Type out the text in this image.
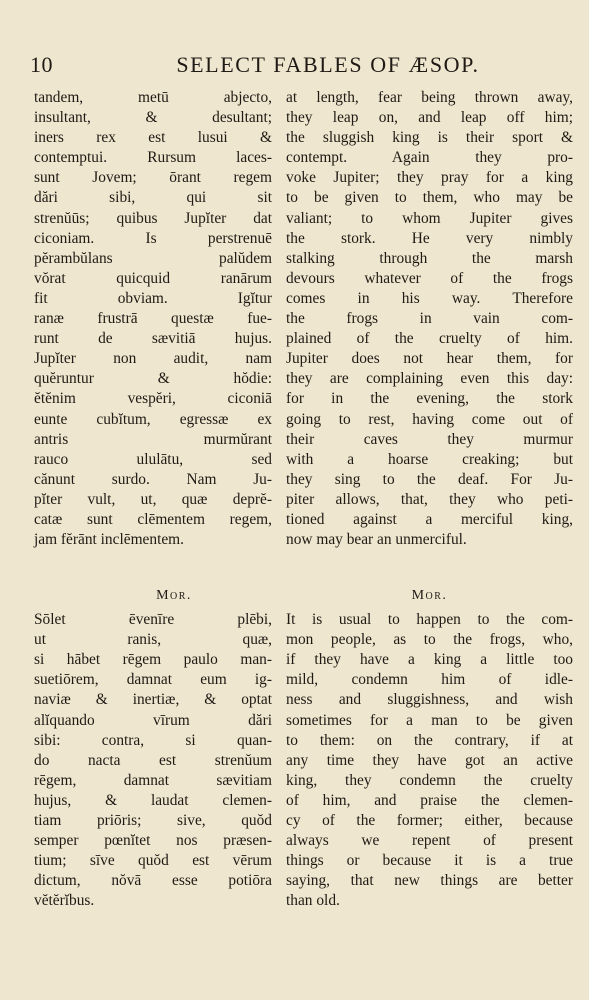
10	SELECT FABLES OF ÆSOP.
tandem, metū abjecto,
insultant, & desultant;
iners rex est lusui &
contemptui. Rursum laces-
sunt Jovem; ōrant regem
dări sibi, qui sit
strenŭūs; quibus Jupĭter dat
ciconiam. Is perstrenuē
pĕrambŭlans palŭdem
vŏrat quicquid ranārum
fit obviam. Igĭtur
ranæ frustrā questæ fue-
runt de sævitiā hujus.
Jupĭter non audit, nam
quĕruntur & hŏdie:
ĕtĕnim vespĕri, ciconiā
eunte cubĭtum, egressæ ex
antris murmŭrant
rauco ululātu, sed
cănunt surdo. Nam Ju-
pĭter vult, ut, quæ deprĕ-
catæ sunt clēmentem regem,
jam fĕrānt inclēmentem.
at length, fear being thrown away,
they leap on, and leap off him;
the sluggish king is their sport &
contempt. Again they pro-
voke Jupiter; they pray for a king
to be given to them, who may be
valiant; to whom Jupiter gives
the stork. He very nimbly
stalking through the marsh
devours whatever of the frogs
comes in his way. Therefore
the frogs in vain com-
plained of the cruelty of him.
Jupiter does not hear them, for
they are complaining even this day:
for in the evening, the stork
going to rest, having come out of
their caves they murmur
with a hoarse creaking; but
they sing to the deaf. For Ju-
piter allows, that, they who peti-
tioned against a merciful king,
now may bear an unmerciful.

Mor.

Sōlet ēvenīre plēbi,
ut ranis, quæ,
si hābet rēgem paulo man-
suetiōrem, damnat eum ig-
naviæ & inertiæ, & optat
alĭquando vīrum dări
sibi: contra, si quan-
do nacta est strenŭum
rēgem, damnat sævitiam
hujus, & laudat clemen-
tiam priōris; sive, quŏd
semper pœnĭtet nos præsen-
tium; sīve quŏd est vērum
dictum, nŏvā esse potiōra
vĕtĕrĭbus.

Mor.

It is usual to happen to the com-
mon people, as to the frogs, who,
if they have a king a little too
mild, condemn him of idle-
ness and sluggishness, and wish
sometimes for a man to be given
to them: on the contrary, if at
any time they have got an active
king, they condemn the cruelty
of him, and praise the clemen-
cy of the former; either, because
always we repent of present
things or because it is a true
saying, that new things are better
than old.
